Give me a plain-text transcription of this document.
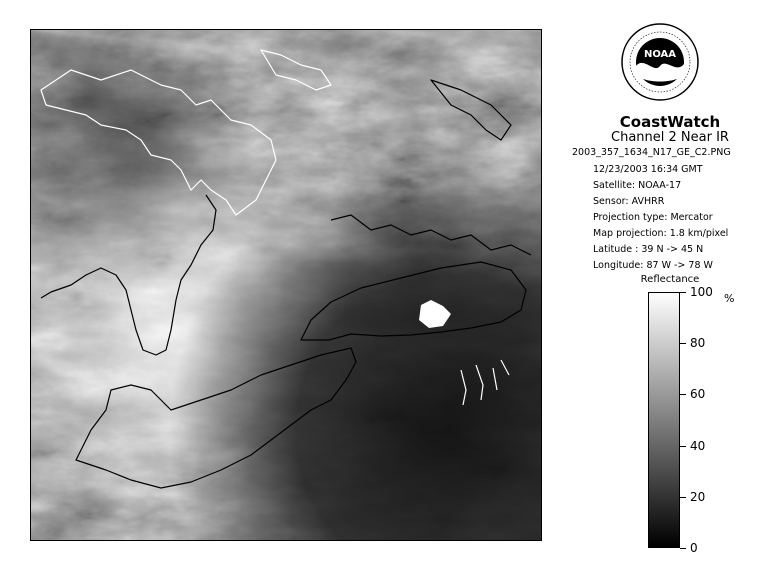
NOAA
CoastWatch
Channel 2 Near IR
2003_357_1634_N17_GE_C2.PNG
12/23/2003 16:34 GMT
Satellite: NOAA-17
Sensor: AVHRR
Projection type: Mercator
Map projection: 1.8 km/pixel
Latitude : 39 N -> 45 N
Longitude: 87 W -> 78 W
Reflectance
100
80
60
40
20
0
%
